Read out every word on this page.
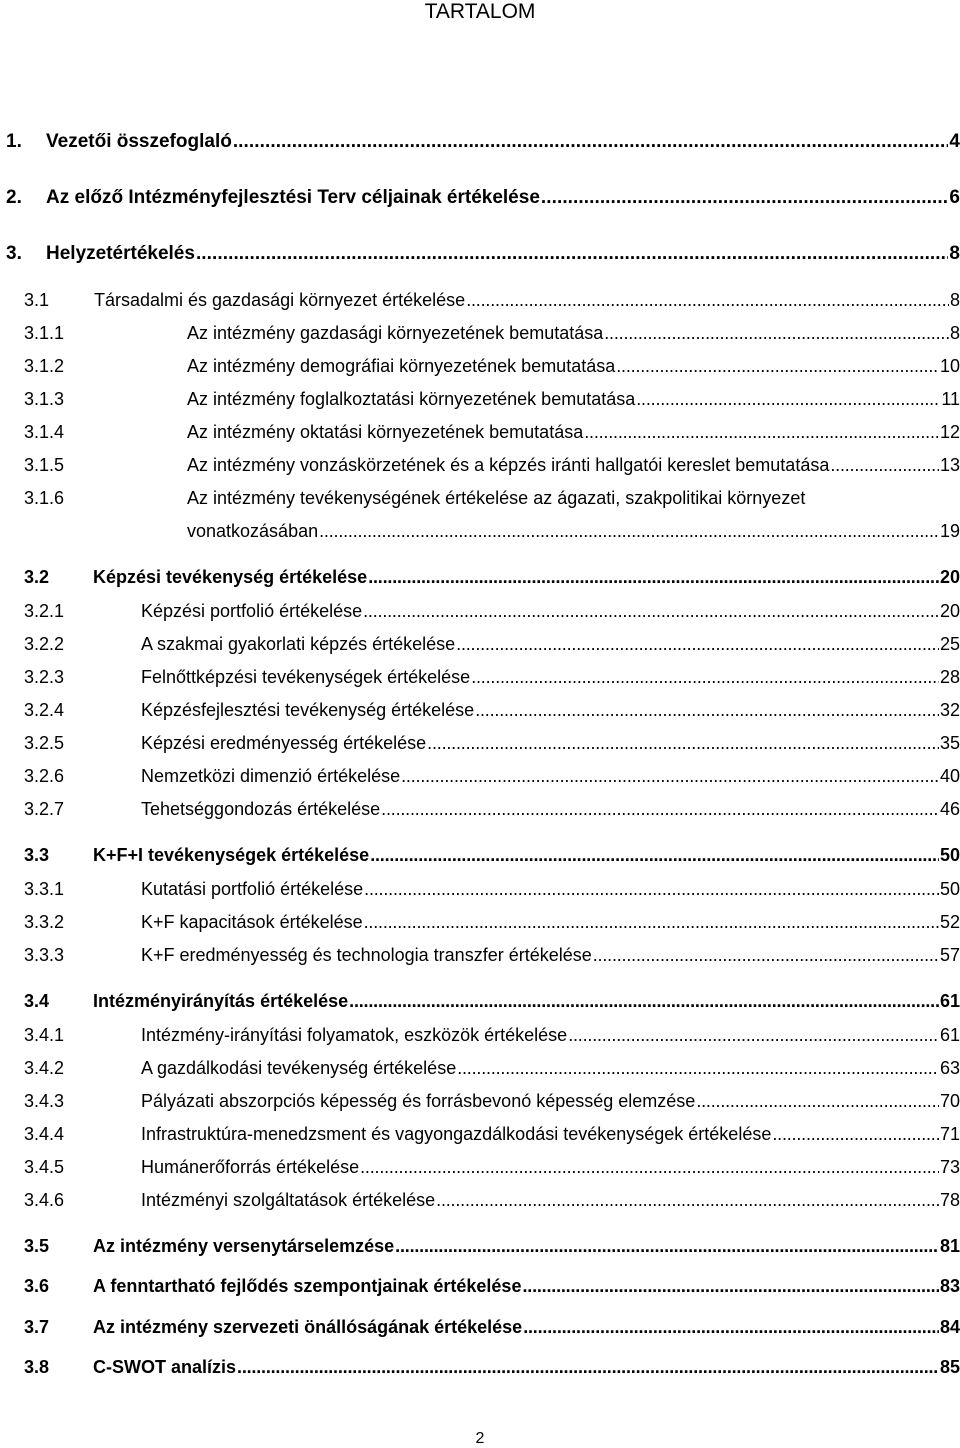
TARTALOM
1.	Vezetői összefoglaló . . .	4
2.	Az előző Intézményfejlesztési Terv céljainak értékelése . . .	6
3.	Helyzetértékelés . . .	8
3.1	Társadalmi és gazdasági környezet értékelése . . .	8
3.1.1	Az intézmény gazdasági környezetének bemutatása . . .	8
3.1.2	Az intézmény demográfiai környezetének bemutatása . . .	10
3.1.3	Az intézmény foglalkoztatási környezetének bemutatása . . .	11
3.1.4	Az intézmény oktatási környezetének bemutatása . . .	12
3.1.5	Az intézmény vonzáskörzetének és a képzés iránti hallgatói kereslet bemutatása . . .	13
3.1.6	Az intézmény tevékenységének értékelése az ágazati, szakpolitikai környezet
vonatkozásában . . .	19
3.2	Képzési tevékenység értékelése . . .	20
3.2.1	Képzési portfolió értékelése . . .	20
3.2.2	A szakmai gyakorlati képzés értékelése . . .	25
3.2.3	Felnőttképzési tevékenységek értékelése . . .	28
3.2.4	Képzésfejlesztési tevékenység értékelése . . .	32
3.2.5	Képzési eredményesség értékelése . . .	35
3.2.6	Nemzetközi dimenzió értékelése . . .	40
3.2.7	Tehetséggondozás értékelése . . .	46
3.3	K+F+I tevékenységek értékelése . . .	50
3.3.1	Kutatási portfolió értékelése . . .	50
3.3.2	K+F kapacitások értékelése . . .	52
3.3.3	K+F eredményesség és technologia transzfer értékelése . . .	57
3.4	Intézményirányítás értékelése . . .	61
3.4.1	Intézmény-irányítási folyamatok, eszközök értékelése . . .	61
3.4.2	A gazdálkodási tevékenység értékelése . . .	63
3.4.3	Pályázati abszorpciós képesség és forrásbevonó képesség elemzése . . .	70
3.4.4	Infrastruktúra-menedzsment és vagyongazdálkodási tevékenységek értékelése . . .	71
3.4.5	Humánerőforrás értékelése . . .	73
3.4.6	Intézményi szolgáltatások értékelése . . .	78
3.5	Az intézmény versenytárselemzése . . .	81
3.6	A fenntartható fejlődés szempontjainak értékelése . . .	83
3.7	Az intézmény szervezeti önállóságának értékelése . . .	84
3.8	C-SWOT analízis . . .	85
2
